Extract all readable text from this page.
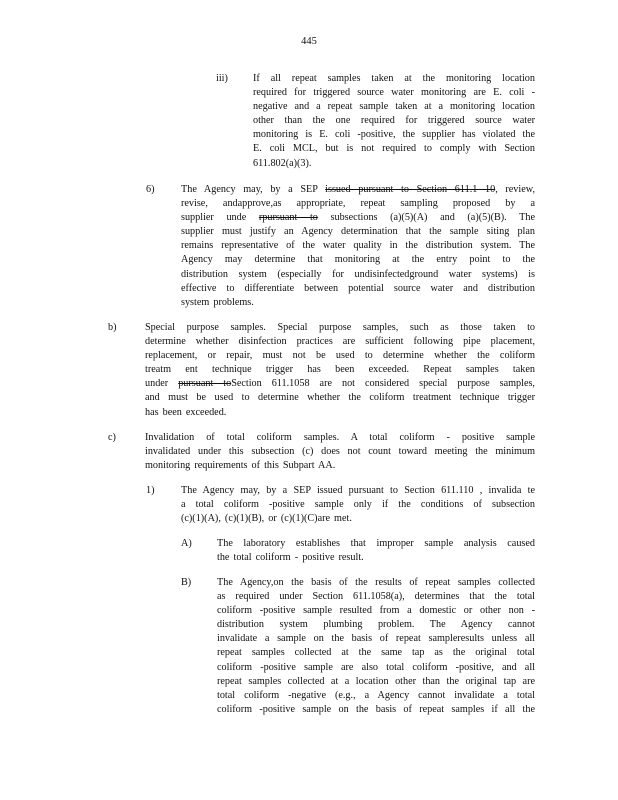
445
iii) If all repeat samples taken at the monitoring location
required for triggered source water monitoring are E. coli -
negative and a repeat sample taken at a monitoring location
other than the one required for triggered source water
monitoring is E. coli -positive, the supplier has violated the
E. coli MCL, but is not required to comply with Section
611.802(a)(3).
6)	The Agency may, by a SEP issued pursuant to Section 611.1 10, review,
revise, andapprove,as appropriate, repeat sampling proposed by a
supplier unde rpursuant to subsections (a)(5)(A) and (a)(5)(B). The
supplier must justify an Agency determination that the sample siting plan
remains representative of the water quality in the distribution system. The
Agency may determine that monitoring at the entry point to the
distribution system (especially for undisinfectedground water systems) is
effective to differentiate between potential source water and distribution
system problems.
b)	Special purpose samples. Special purpose samples, such as those taken to
determine whether disinfection practices are sufficient following pipe placement,
replacement, or repair, must not be used to determine whether the coliform
treatm ent technique trigger has been exceeded. Repeat samples taken
under pursuant toSection 611.1058 are not considered special purpose samples,
and must be used to determine whether the coliform treatment technique trigger
has been exceeded.
c)	Invalidation of total coliform samples. A total coliform - positive sample
invalidated under this subsection (c) does not count toward meeting the minimum
monitoring requirements of this Subpart AA.
1)	The Agency may, by a SEP issued pursuant to Section 611.110 , invalida te
a total coliform -positive sample only if the conditions of subsection
(c)(1)(A), (c)(1)(B), or (c)(1)(C)are met.
A) The laboratory establishes that improper sample analysis caused
the total coliform - positive result.
B)	The Agency,on the basis of the results of repeat samples collected
as required under Section 611.1058(a), determines that the total
coliform -positive sample resulted from a domestic or other non -
distribution system plumbing problem. The Agency cannot
invalidate a sample on the basis of repeat sampleresults unless all
repeat samples collected at the same tap as the original total
coliform -positive sample are also total coliform -positive, and all
repeat samples collected at a location other than the original tap are
total coliform -negative (e.g., a Agency cannot invalidate a total
coliform -positive sample on the basis of repeat samples if all the
